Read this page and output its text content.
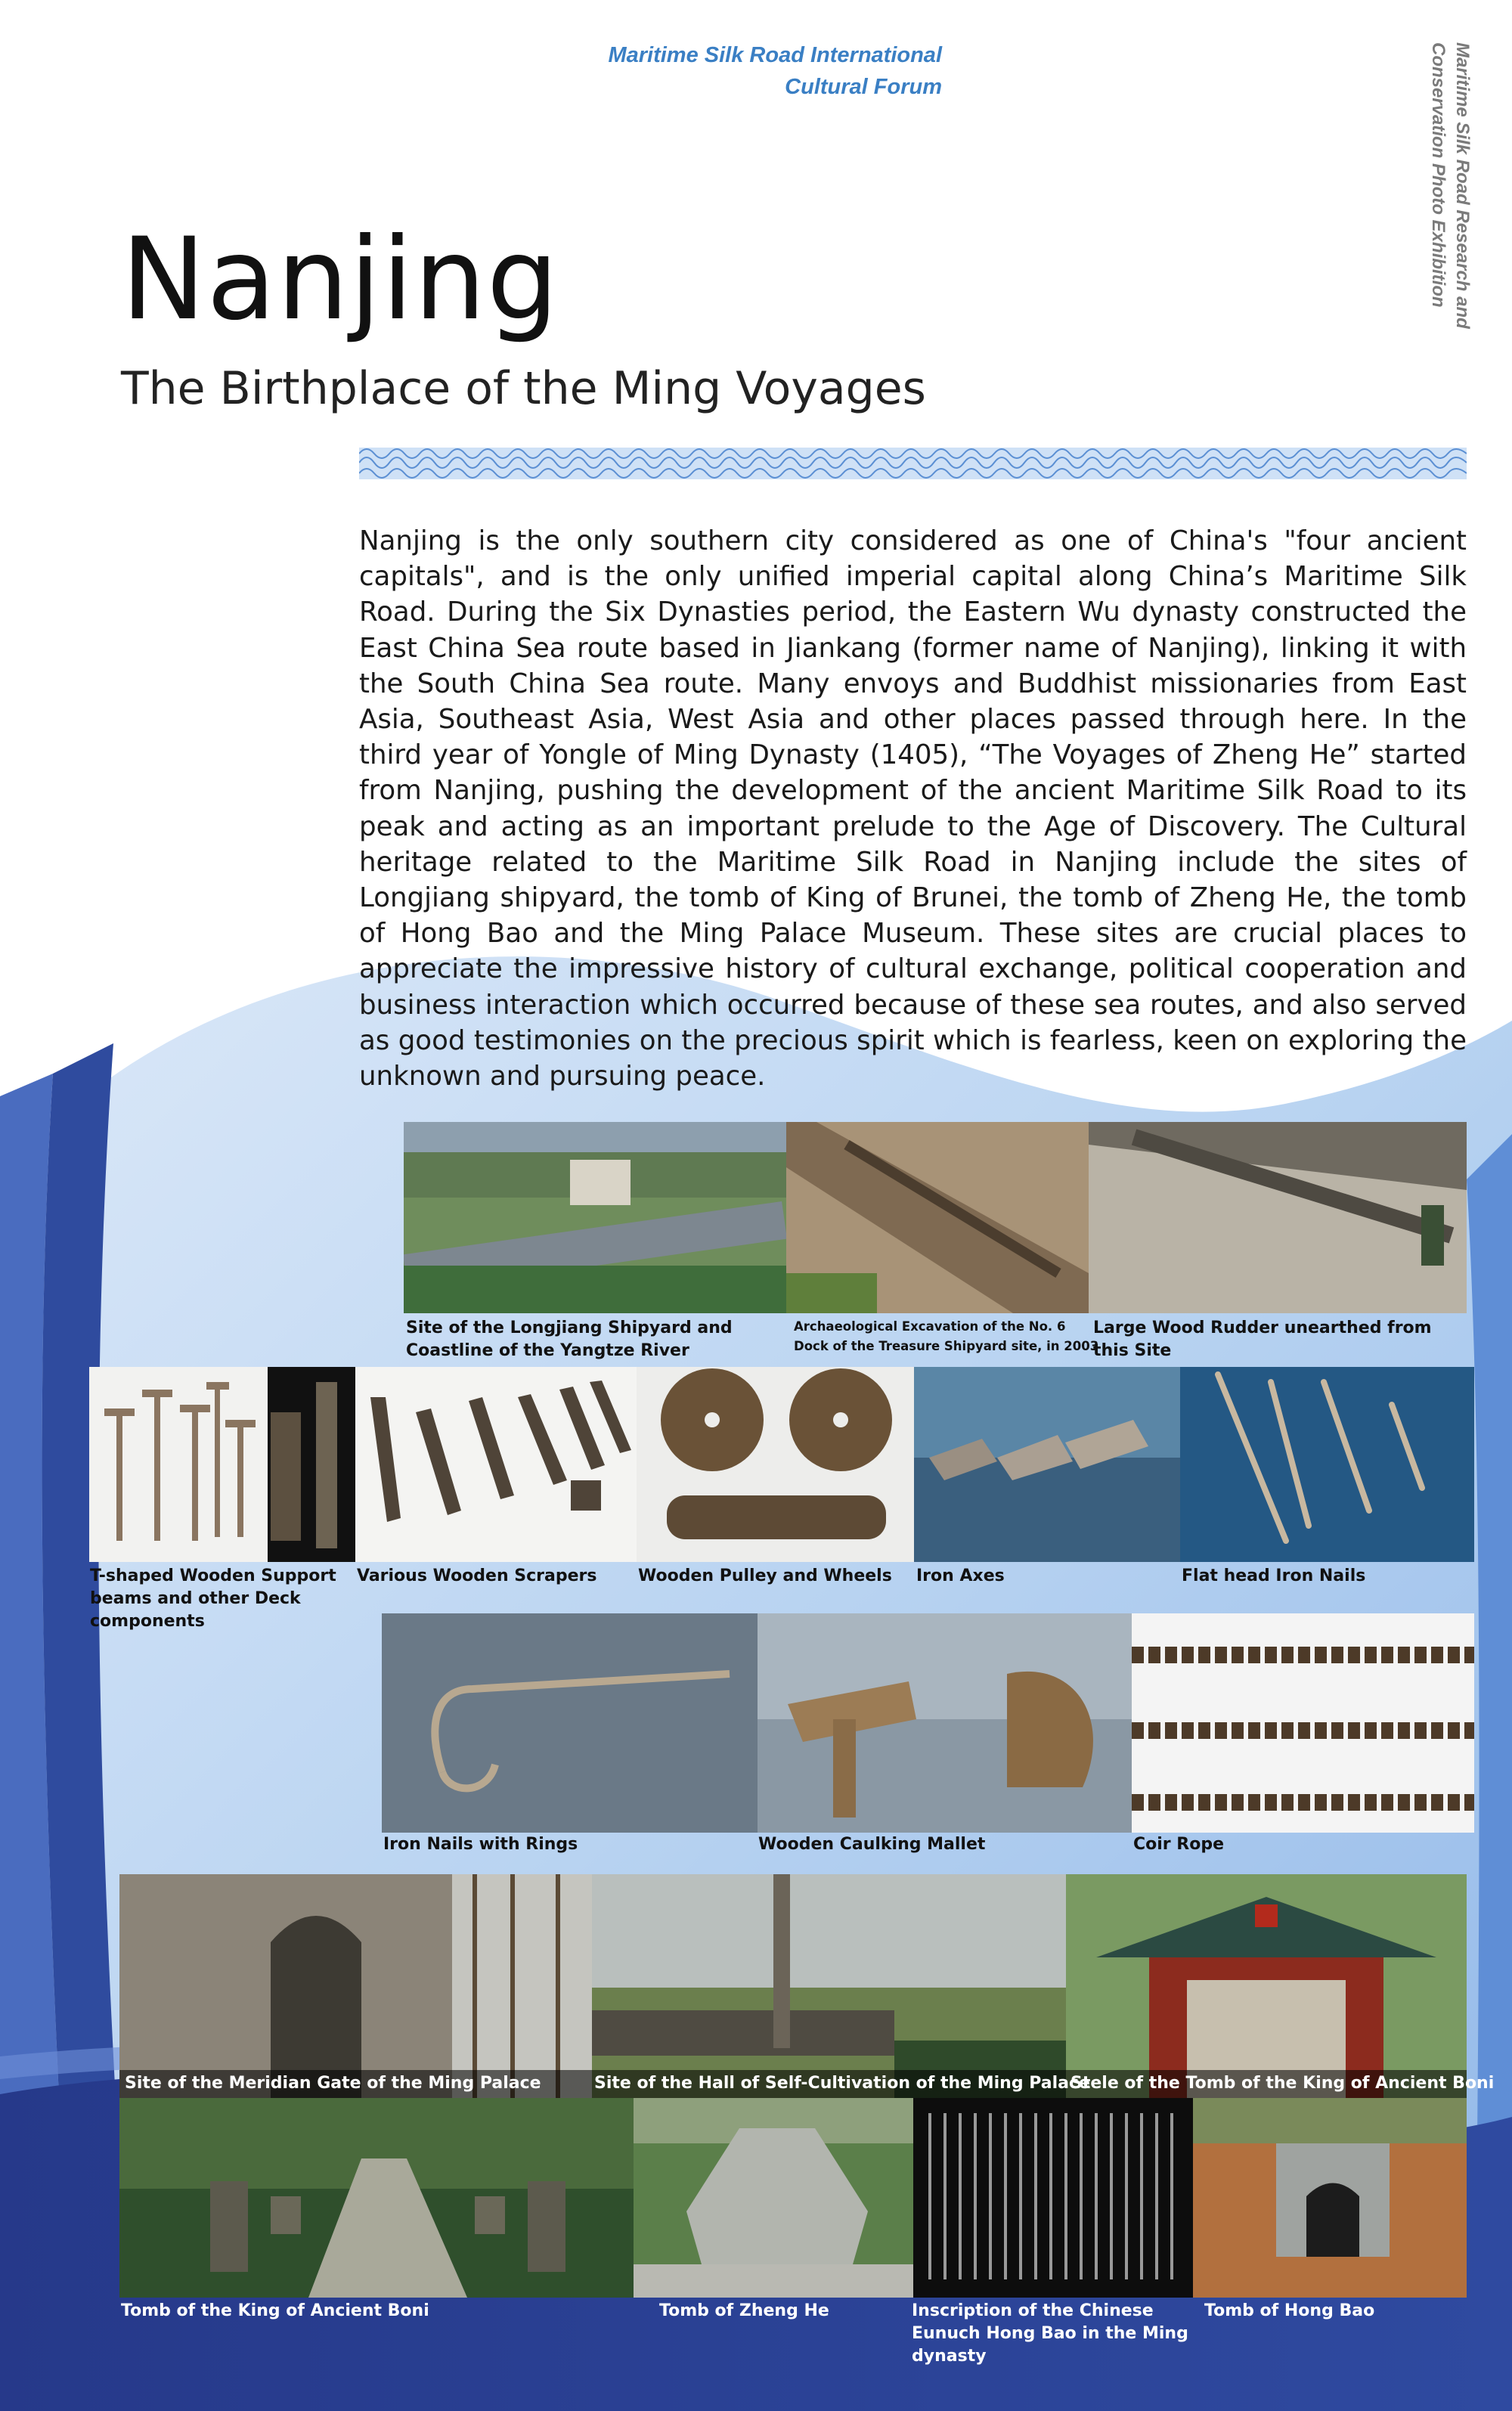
Maritime Silk Road International
Cultural Forum	Maritime Silk Road Research and
Conservation Photo Exhibition
Nanjing
The Birthplace of the Ming Voyages
Nanjing is the only southern city considered as one of China's "four ancient capitals", and is the only unified imperial capital along China’s Maritime Silk Road. During the Six Dynasties period, the Eastern Wu dynasty constructed the East China Sea route based in Jiankang (former name of Nanjing), linking it with the South China Sea route. Many envoys and Buddhist missionaries from East Asia, Southeast Asia, West Asia and other places passed through here. In the third year of Yongle of Ming Dynasty (1405), “The Voyages of Zheng He” started from Nanjing, pushing the development of the ancient Maritime Silk Road to its peak and acting as an important prelude to the Age of Discovery. The Cultural heritage related to the Maritime Silk Road in Nanjing include the sites of Longjiang shipyard, the tomb of King of Brunei, the tomb of Zheng He, the tomb of Hong Bao and the Ming Palace Museum. These sites are crucial places to appreciate the impressive history of cultural exchange, political cooperation and business interaction which occurred because of these sea routes, and also served as good testimonies on the precious spirit which is fearless, keen on exploring the unknown and pursuing peace.
Site of the Longjiang Shipyard and
Coastline of the Yangtze River
Archaeological Excavation of the No. 6
Dock of the Treasure Shipyard site, in 2003
Large Wood Rudder unearthed from
this Site
T-shaped Wooden Support
beams and other Deck
components
Various Wooden Scrapers Wooden Pulley and Wheels Iron Axes	Flat head Iron Nails
Iron Nails with Rings	Wooden Caulking Mallet	Coir Rope
Site of the Meridian Gate of the Ming Palace	Site of the Hall of Self-Cultivation of the Ming Palace
Stele of the Tomb of the King of Ancient Boni
Tomb of the King of Ancient Boni	Tomb of Zheng He	Inscription of the Chinese
Eunuch Hong Bao in the Ming
dynasty
Tomb of Hong Bao
